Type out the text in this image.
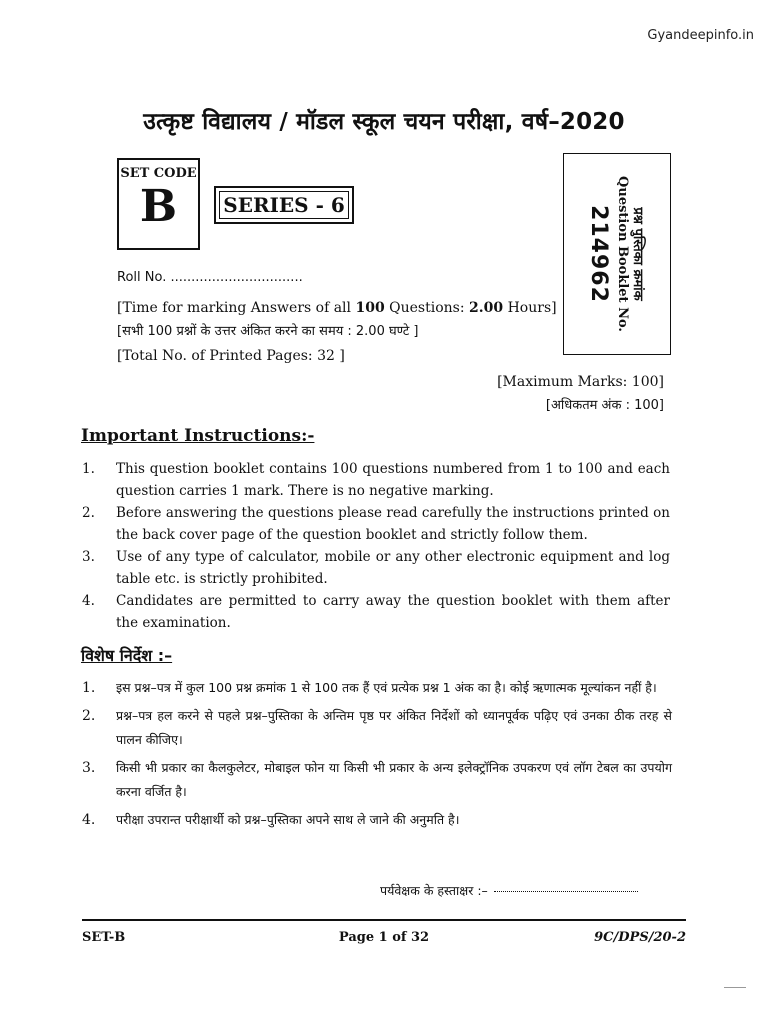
Gyandeepinfo.in
उत्कृष्ट विद्यालय / मॉडल स्कूल चयन परीक्षा, वर्ष–2020
SET CODE
B	SERIES - 6
प्रश्न पुस्तिका क्रमांक
Question Booklet No.
214962
Roll No. ................................
[Time for marking Answers of all 100 Questions: 2.00 Hours]
[सभी 100 प्रश्नों के उत्तर अंकित करने का समय : 2.00 घण्टे ]
[Total No. of Printed Pages: 32 ]
[Maximum Marks: 100]
[अधिकतम अंक : 100]
Important Instructions:-
1.	This question booklet contains 100 questions numbered from 1 to 100 and each question carries 1 mark. There is no negative marking.
2.	Before answering the questions please read carefully the instructions printed on the back cover page of the question booklet and strictly follow them.
3.	Use of any type of calculator, mobile or any other electronic equipment and log table etc. is strictly prohibited.
4.	Candidates are permitted to carry away the question booklet with them after the examination.
विशेष निर्देश :–
1.	इस प्रश्न–पत्र में कुल 100 प्रश्न क्रमांक 1 से 100 तक हैं एवं प्रत्येक प्रश्न 1 अंक का है। कोई ऋणात्मक मूल्यांकन नहीं है।
2.	प्रश्न–पत्र हल करने से पहले प्रश्न–पुस्तिका के अन्तिम पृष्ठ पर अंकित निर्देशों को ध्यानपूर्वक पढ़िए एवं उनका ठीक तरह से पालन कीजिए।
3.	किसी भी प्रकार का कैलकुलेटर, मोबाइल फोन या किसी भी प्रकार के अन्य इलेक्ट्रॉनिक उपकरण एवं लॉग टेबल का उपयोग करना वर्जित है।
4.	परीक्षा उपरान्त परीक्षार्थी को प्रश्न–पुस्तिका अपने साथ ले जाने की अनुमति है।
पर्यवेक्षक के हस्ताक्षर :–
SET-B	Page 1 of 32	9C/DPS/20-2
